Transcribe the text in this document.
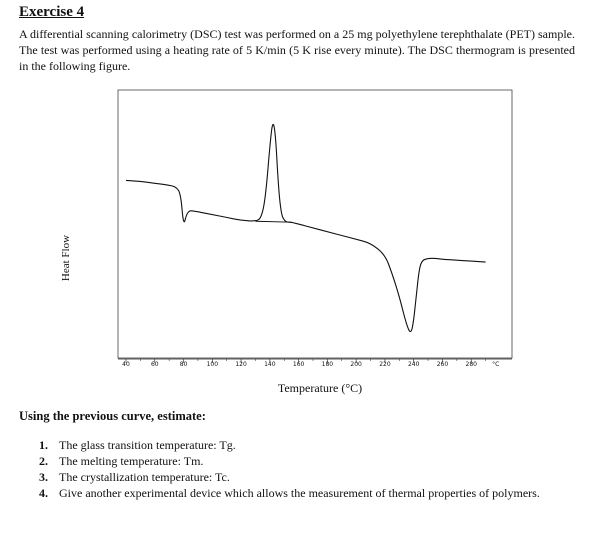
Exercise 4
A differential scanning calorimetry (DSC) test was performed on a 25 mg polyethylene terephthalate (PET) sample. The test was performed using a heating rate of 5 K/min (5 K rise every minute). The DSC thermogram is presented in the following figure.
40	60	80	100	120	140	160	180	200	220	240	260	280	°C
Heat Flow
Temperature (°C)
Using the previous curve, estimate:
1. The glass transition temperature: Tg.
2. The melting temperature: Tm.
3. The crystallization temperature: Tc.
4. Give another experimental device which allows the measurement of thermal properties of polymers.
